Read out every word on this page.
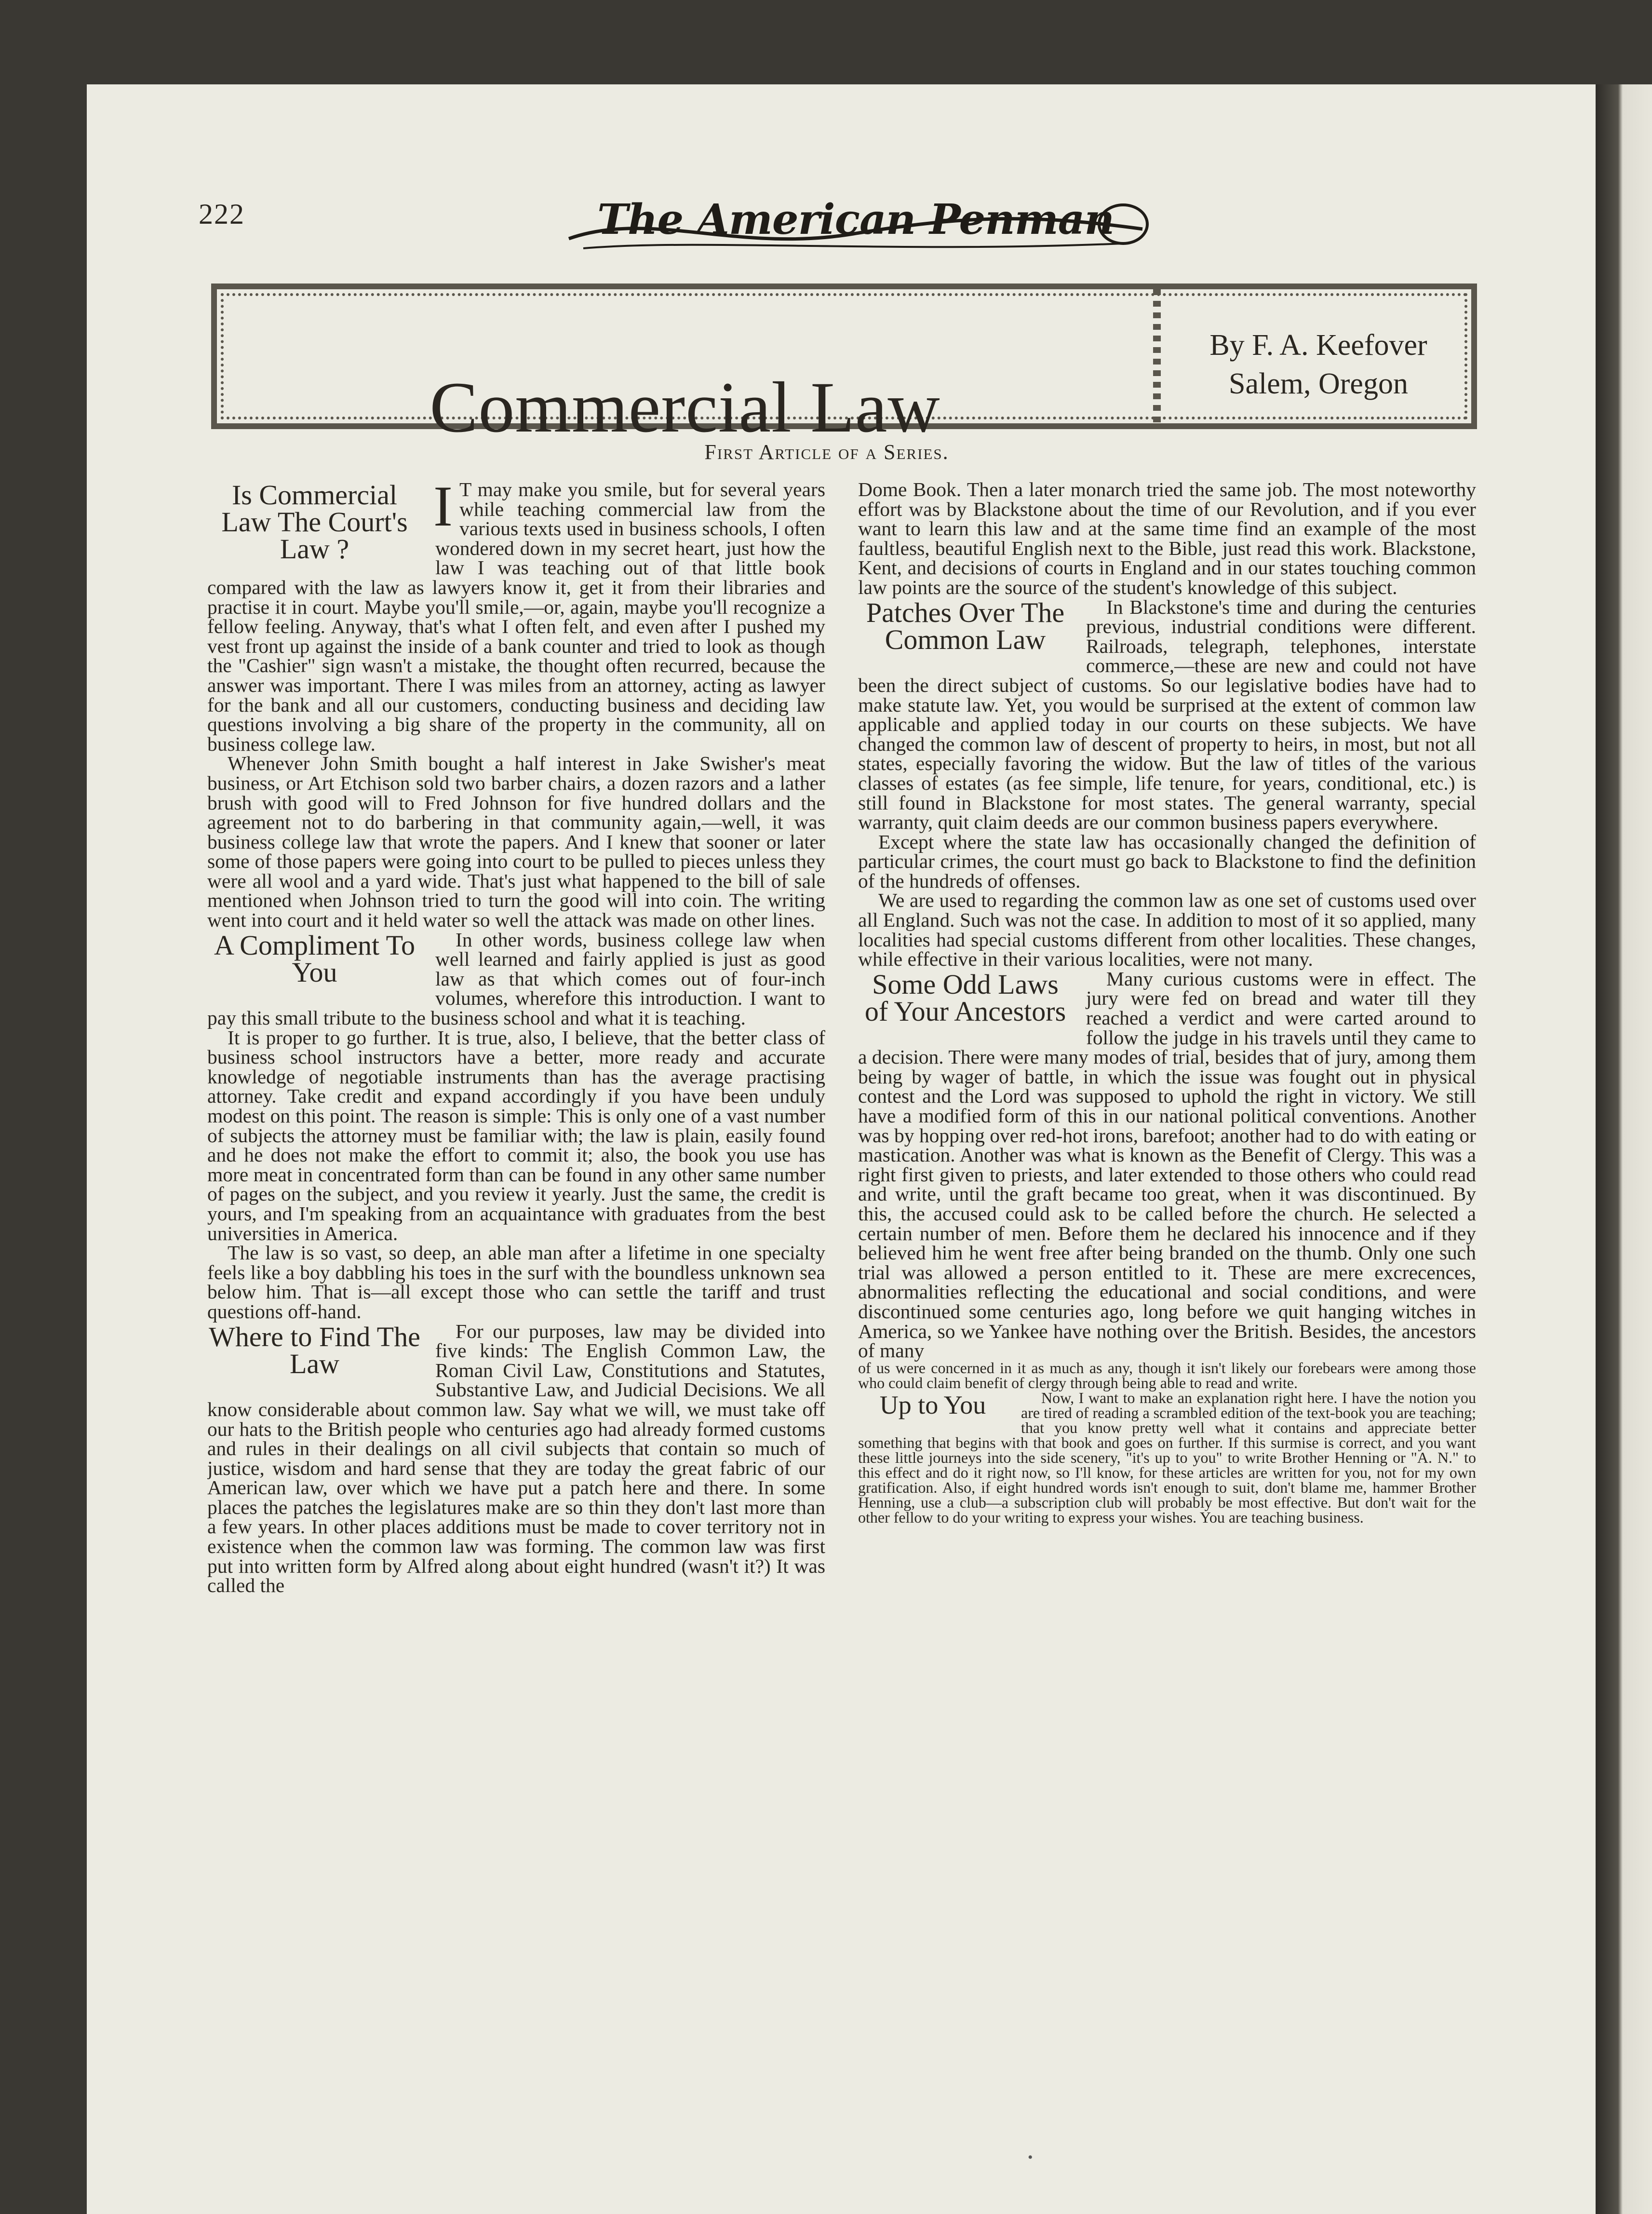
222	The American Penman
Commercial Law
By F. A. Keefover
Salem, Oregon
First Article of a Series.
Is Commercial Law The Court's Law ?

I T may make you smile, but for several years while teaching commercial law from the various texts used in business schools, I often wondered down in my secret heart, just how the law I was teaching out of that little book compared with the law as lawyers know it, get it from their libraries and practise it in court. Maybe you'll smile,—or, again, maybe you'll recognize a fellow feeling. Anyway, that's what I often felt, and even after I pushed my vest front up against the inside of a bank counter and tried to look as though the "Cashier" sign wasn't a mistake, the thought often recurred, because the answer was important. There I was miles from an attorney, acting as lawyer for the bank and all our customers, conducting business and deciding law questions involving a big share of the property in the community, all on business college law.

Whenever John Smith bought a half interest in Jake Swisher's meat business, or Art Etchison sold two barber chairs, a dozen razors and a lather brush with good will to Fred Johnson for five hundred dollars and the agreement not to do barbering in that community again,—well, it was business college law that wrote the papers. And I knew that sooner or later some of those papers were going into court to be pulled to pieces unless they were all wool and a yard wide. That's just what happened to the bill of sale mentioned when Johnson tried to turn the good will into coin. The writing went into court and it held water so well the attack was made on other lines.

A Compliment To You

In other words, business college law when well learned and fairly applied is just as good law as that which comes out of four-inch volumes, wherefore this introduction. I want to pay this small tribute to the business school and what it is teaching.

It is proper to go further. It is true, also, I believe, that the better class of business school instructors have a better, more ready and accurate knowledge of negotiable instruments than has the average practising attorney. Take credit and expand accordingly if you have been unduly modest on this point. The reason is simple: This is only one of a vast number of subjects the attorney must be familiar with; the law is plain, easily found and he does not make the effort to commit it; also, the book you use has more meat in concentrated form than can be found in any other same number of pages on the subject, and you review it yearly. Just the same, the credit is yours, and I'm speaking from an acquaintance with graduates from the best universities in America.

The law is so vast, so deep, an able man after a lifetime in one specialty feels like a boy dabbling his toes in the surf with the boundless unknown sea below him. That is—all except those who can settle the tariff and trust questions off-hand.

Where to Find The Law

For our purposes, law may be divided into five kinds: The English Common Law, the Roman Civil Law, Constitutions and Statutes, Substantive Law, and Judicial Decisions. We all know considerable about common law. Say what we will, we must take off our hats to the British people who centuries ago had already formed customs and rules in their dealings on all civil subjects that contain so much of justice, wisdom and hard sense that they are today the great fabric of our American law, over which we have put a patch here and there. In some places the patches the legislatures make are so thin they don't last more than a few years. In other places additions must be made to cover territory not in existence when the common law was forming. The common law was first put into written form by Alfred along about eight hundred (wasn't it?) It was called the

Dome Book. Then a later monarch tried the same job. The most noteworthy effort was by Blackstone about the time of our Revolution, and if you ever want to learn this law and at the same time find an example of the most faultless, beautiful English next to the Bible, just read this work. Blackstone, Kent, and decisions of courts in England and in our states touching common law points are the source of the student's knowledge of this subject.

Patches Over The Common Law

In Blackstone's time and during the centuries previous, industrial conditions were different. Railroads, telegraph, telephones, interstate commerce,—these are new and could not have been the direct subject of customs. So our legislative bodies have had to make statute law. Yet, you would be surprised at the extent of common law applicable and applied today in our courts on these subjects. We have changed the common law of descent of property to heirs, in most, but not all states, especially favoring the widow. But the law of titles of the various classes of estates (as fee simple, life tenure, for years, conditional, etc.) is still found in Blackstone for most states. The general warranty, special warranty, quit claim deeds are our common business papers everywhere.

Except where the state law has occasionally changed the definition of particular crimes, the court must go back to Blackstone to find the definition of the hundreds of offenses.

We are used to regarding the common law as one set of customs used over all England. Such was not the case. In addition to most of it so applied, many localities had special customs different from other localities. These changes, while effective in their various localities, were not many.

Some Odd Laws of Your Ancestors

Many curious customs were in effect. The jury were fed on bread and water till they reached a verdict and were carted around to follow the judge in his travels until they came to a decision. There were many modes of trial, besides that of jury, among them being by wager of battle, in which the issue was fought out in physical contest and the Lord was supposed to uphold the right in victory. We still have a modified form of this in our national political conventions. Another was by hopping over red-hot irons, barefoot; another had to do with eating or mastication. Another was what is known as the Benefit of Clergy. This was a right first given to priests, and later extended to those others who could read and write, until the graft became too great, when it was discontinued. By this, the accused could ask to be called before the church. He selected a certain number of men. Before them he declared his innocence and if they believed him he went free after being branded on the thumb. Only one such trial was allowed a person entitled to it. These are mere excrecences, abnormalities reflecting the educational and social conditions, and were discontinued some centuries ago, long before we quit hanging witches in America, so we Yankee have nothing over the British. Besides, the ancestors of many

of us were concerned in it as much as any, though it isn't likely our forebears were among those who could claim benefit of clergy through being able to read and write.

Up to You	Now, I want to make an explanation right here. I have the notion you are tired of reading a scrambled edition of the text-book you are teaching; that you know pretty well what it contains and appreciate better something that begins with that book and goes on further. If this surmise is correct, and you want these little journeys into the side scenery, "it's up to you" to write Brother Henning or "A. N." to this effect and do it right now, so I'll know, for these articles are written for you, not for my own gratification. Also, if eight hundred words isn't enough to suit, don't blame me, hammer Brother Henning, use a club—a subscription club will probably be most effective. But don't wait for the other fellow to do your writing to express your wishes. You are teaching business.

•
